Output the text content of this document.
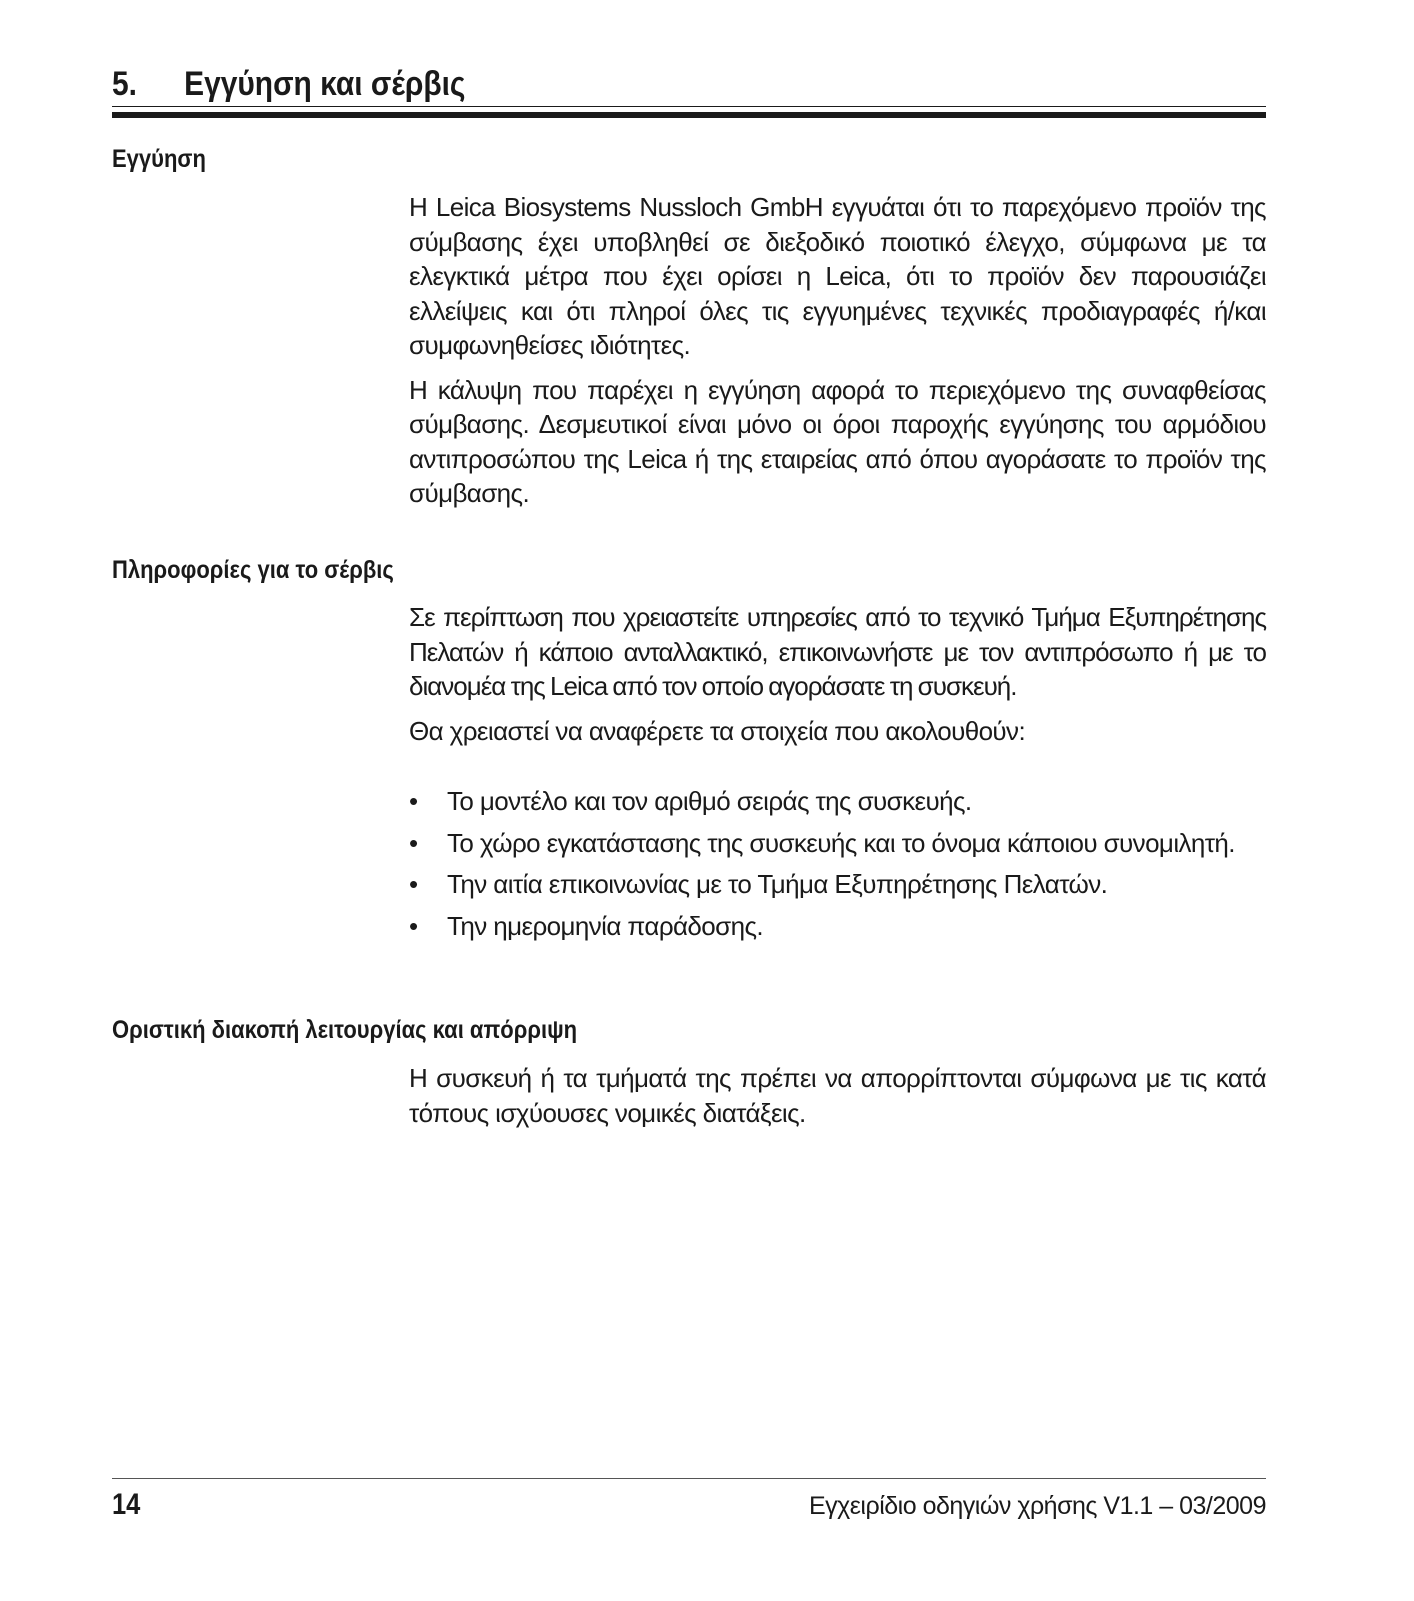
5. Εγγύηση και σέρβις
Εγγύηση

Η Leica Biosystems Nussloch GmbH εγγυάται ότι το παρεχόμενο προϊόν της σύμβασης έχει υποβληθεί σε διεξοδικό ποιοτικό έλεγχο, σύμφωνα με τα ελεγκτικά μέτρα που έχει ορίσει η Leica, ότι το προϊόν δεν παρουσιάζει ελλείψεις και ότι πληροί όλες τις εγγυημένες τεχνικές προδιαγραφές ή/και συμφωνηθείσες ιδιότητες.

Η κάλυψη που παρέχει η εγγύηση αφορά το περιεχόμενο της συναφθείσας σύμβασης. Δεσμευτικοί είναι μόνο οι όροι παροχής εγγύησης του αρμόδιου αντιπροσώπου της Leica ή της εταιρείας από όπου αγοράσατε το προϊόν της σύμβασης.

Πληροφορίες για το σέρβις

Σε περίπτωση που χρειαστείτε υπηρεσίες από το τεχνικό Τμήμα Εξυπηρέτησης Πελατών ή κάποιο ανταλλακτικό, επικοινωνήστε με τον αντιπρόσωπο ή με το διανομέα της Leica από τον οποίο αγοράσατε τη συσκευή.

Θα χρειαστεί να αναφέρετε τα στοιχεία που ακολουθούν:

• Το μοντέλο και τον αριθμό σειράς της συσκευής.
• Το χώρο εγκατάστασης της συσκευής και το όνομα κάποιου συνομιλητή.
• Την αιτία επικοινωνίας με το Τμήμα Εξυπηρέτησης Πελατών.
• Την ημερομηνία παράδοσης.
Οριστική διακοπή λειτουργίας και απόρριψη

Η συσκευή ή τα τμήματά της πρέπει να απορρίπτονται σύμφωνα με τις κατά τόπους ισχύουσες νομικές διατάξεις.

14	Εγχειρίδιο οδηγιών χρήσης V1.1 – 03/2009
